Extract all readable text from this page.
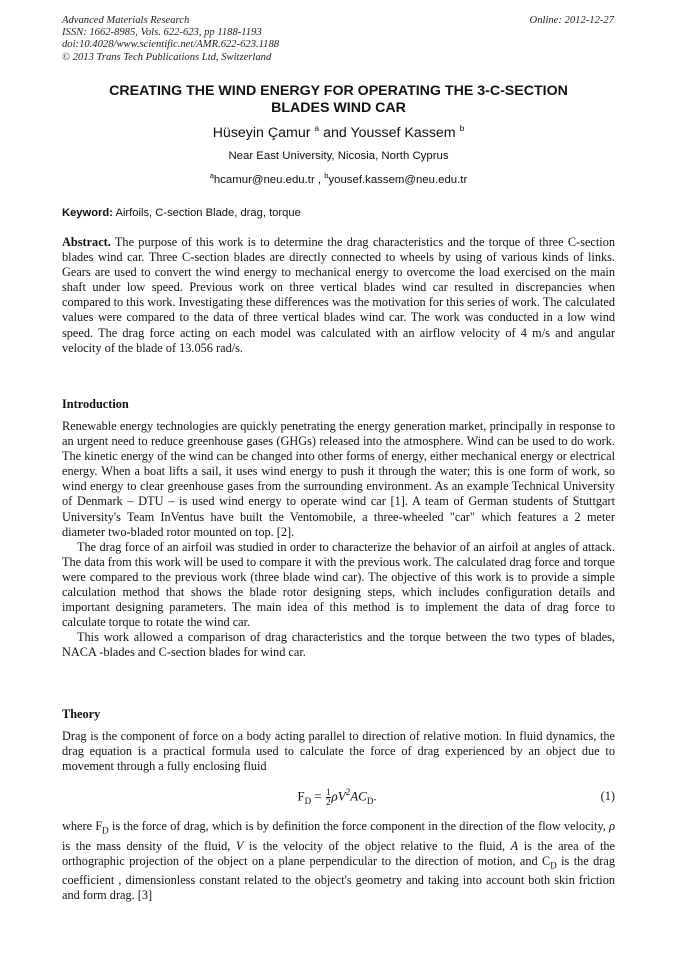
Advanced Materials Research
ISSN: 1662-8985, Vols. 622-623, pp 1188-1193
doi:10.4028/www.scientific.net/AMR.622-623.1188
© 2013 Trans Tech Publications Ltd, Switzerland
Online: 2012-12-27
CREATING THE WIND ENERGY FOR OPERATING THE 3-C-SECTION
BLADES WIND CAR
Hüseyin Çamur $^a$ and Youssef Kassem $^b$
Near East University, Nicosia, North Cyprus
$^a$hcamur@neu.edu.tr , $^b$yousef.kassem@neu.edu.tr
Keyword: Airfoils, C-section Blade, drag, torque

Abstract. The purpose of this work is to determine the drag characteristics and the torque of three C-section blades wind car. Three C-section blades are directly connected to wheels by using of various kinds of links. Gears are used to convert the wind energy to mechanical energy to overcome the load exercised on the main shaft under low speed. Previous work on three vertical blades wind car resulted in discrepancies when compared to this work. Investigating these differences was the motivation for this series of work. The calculated values were compared to the data of three vertical blades wind car. The work was conducted in a low wind speed. The drag force acting on each model was calculated with an airflow velocity of 4 m/s and angular velocity of the blade of 13.056 rad/s.

Introduction

Renewable energy technologies are quickly penetrating the energy generation market, principally in response to an urgent need to reduce greenhouse gases (GHGs) released into the atmosphere. Wind can be used to do work. The kinetic energy of the wind can be changed into other forms of energy, either mechanical energy or electrical energy. When a boat lifts a sail, it uses wind energy to push it through the water; this is one form of work, so wind energy to clear greenhouse gases from the surrounding environment. As an example Technical University of Denmark – DTU – is used wind energy to operate wind car [1]. A team of German students of Stuttgart University's Team InVentus have built the Ventomobile, a three-wheeled "car" which features a 2 meter diameter two-bladed rotor mounted on top. [2].

The drag force of an airfoil was studied in order to characterize the behavior of an airfoil at angles of attack. The data from this work will be used to compare it with the previous work. The calculated drag force and torque were compared to the previous work (three blade wind car). The objective of this work is to provide a simple calculation method that shows the blade rotor designing steps, which includes configuration details and important designing parameters. The main idea of this method is to implement the data of drag force to calculate torque to rotate the wind car.

This work allowed a comparison of drag characteristics and the torque between the two types of blades, NACA -blades and C-section blades for wind car.

Theory

Drag is the component of force on a body acting parallel to direction of relative motion. In fluid dynamics, the drag equation is a practical formula used to calculate the force of drag experienced by an object due to movement through a fully enclosing fluid

$F_D = \frac{1}{2} \rho V^2AC_D$.	(1)

where $F_D$ is the force of drag, which is by definition the force component in the direction of the flow velocity, ρ is the mass density of the fluid, V is the velocity of the object relative to the fluid, A is the area of the orthographic projection of the object on a plane perpendicular to the direction of motion, and $C_D$ is the drag coefficient , dimensionless constant related to the object's geometry and taking into account both skin friction and form drag. [3]
